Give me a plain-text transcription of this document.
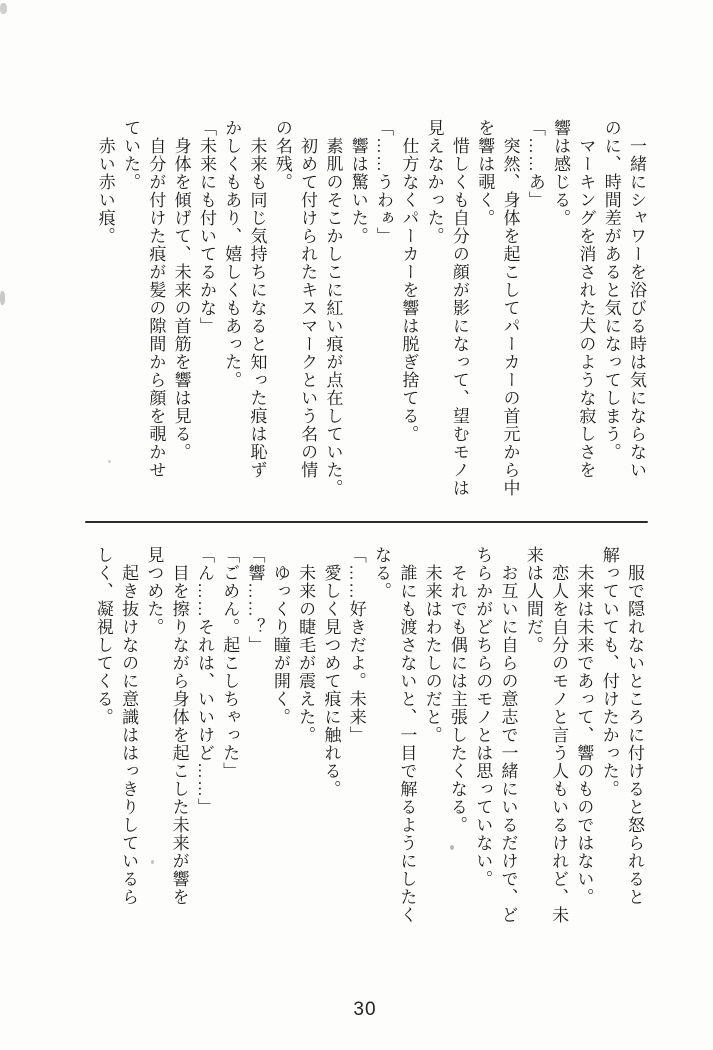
一緒にシャワーを浴びる時は気にならない

のに、時間差があると気になってしまう。

マーキングを消された犬のような寂しさを

響は感じる。

「……あ」

突然、身体を起こしてパーカーの首元から中

を響は覗く。

惜しくも自分の顔が影になって、望むモノは

見えなかった。

仕方なくパーカーを響は脱ぎ捨てる。

「……うわぁ」

響は驚いた。

素肌のそこかしこに紅い痕が点在していた。

初めて付けられたキスマークという名の情

の名残。

未来も同じ気持ちになると知った痕は恥ず

かしくもあり、嬉しくもあった。

「未来にも付いてるかな」

身体を傾げて、未来の首筋を響は見る。

自分が付けた痕が髪の隙間から顔を覗かせ

ていた。

赤い赤い痕。

服で隠れないところに付けると怒られると

解っていても、付けたかった。

未来は未来であって、響のものではない。

恋人を自分のモノと言う人もいるけれど、未

来は人間だ。

お互いに自らの意志で一緒にいるだけで、ど

ちらかがどちらのモノとは思っていない。

それでも偶には主張したくなる。

未来はわたしのだと。

誰にも渡さないと、一目で解るようにしたく

なる。

「……好きだよ。未来」

愛しく見つめて痕に触れる。

未来の睫毛が震えた。

ゆっくり瞳が開く。

「響……？」

「ごめん。起こしちゃった」

「ん……それは、いいけど……」

目を擦りながら身体を起こした未来が響を

見つめた。

起き抜けなのに意識ははっきりしているら

しく、凝視してくる。

30
